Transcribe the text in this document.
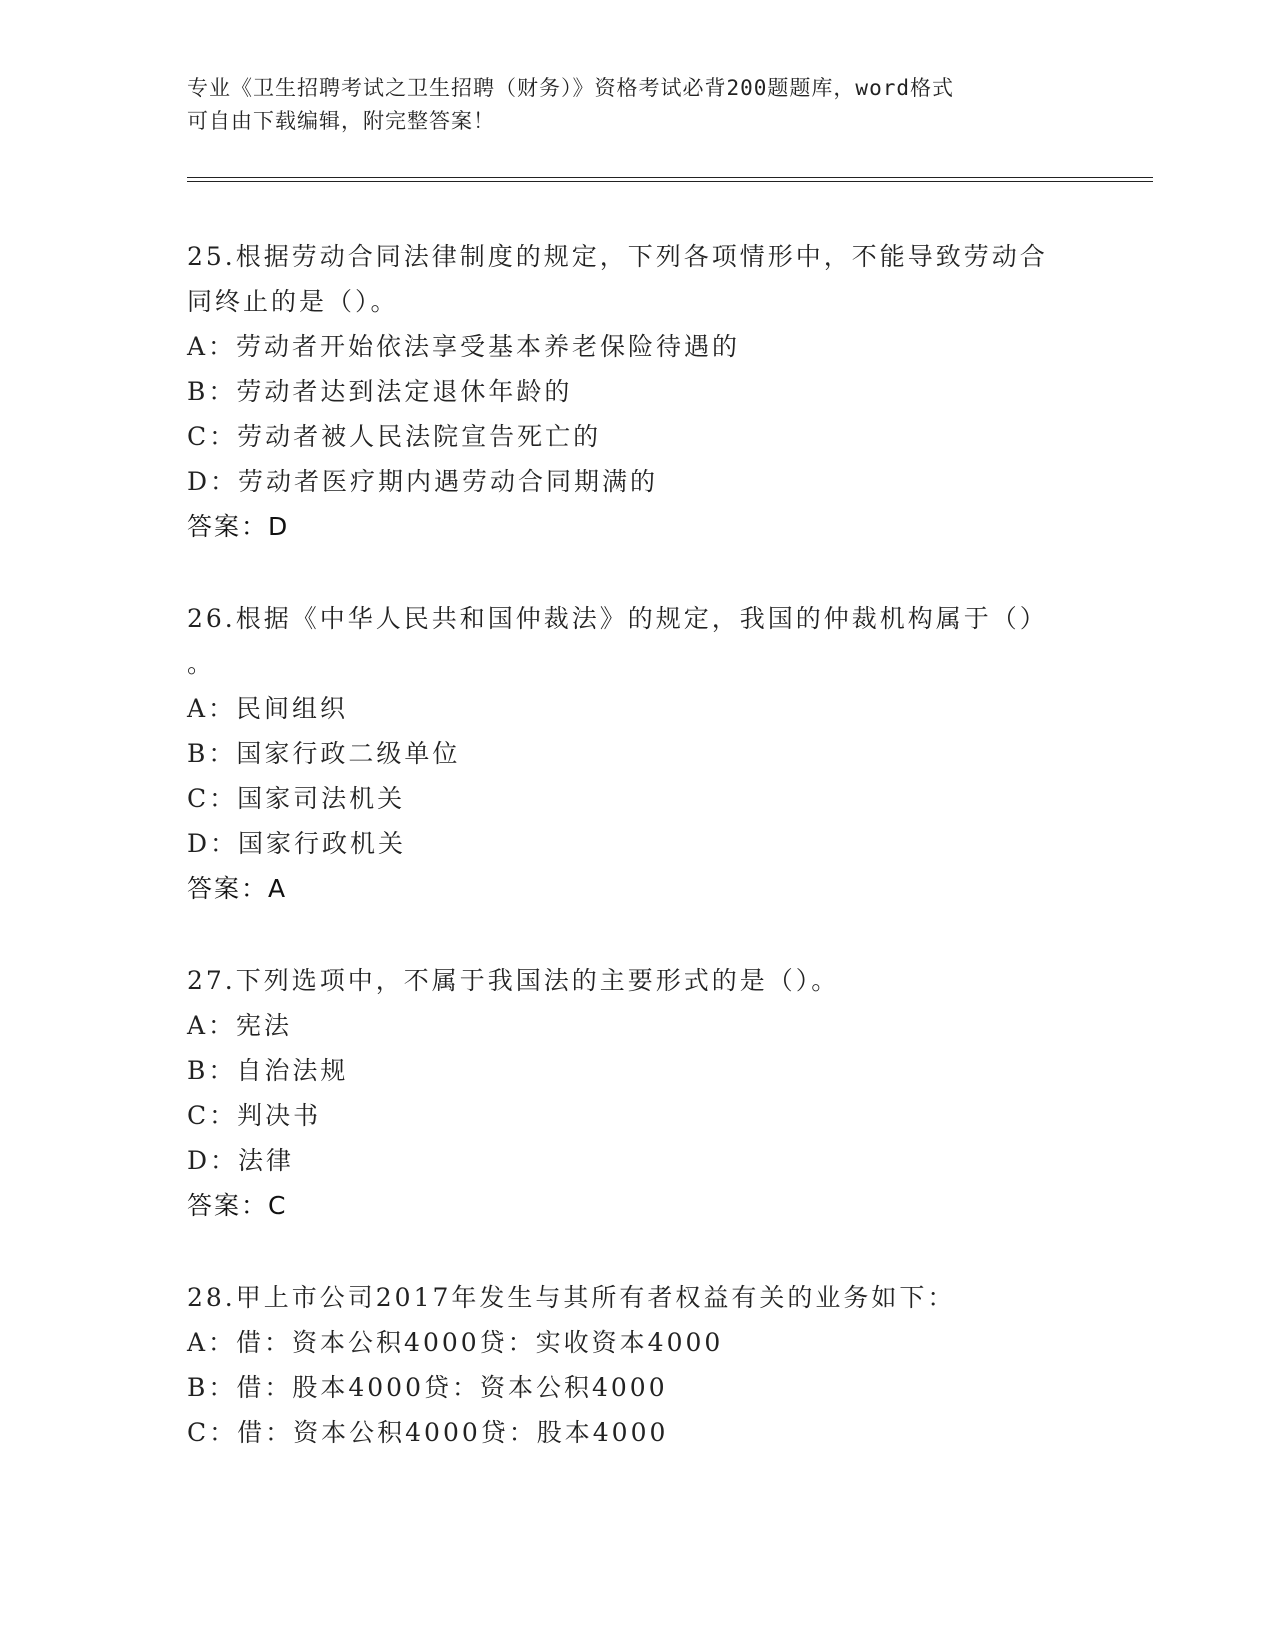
专业《卫生招聘考试之卫生招聘（财务）》资格考试必背200题题库，word格式
可自由下载编辑，附完整答案！
25.根据劳动合同法律制度的规定，下列各项情形中，不能导致劳动合
同终止的是（）。
A：劳动者开始依法享受基本养老保险待遇的
B：劳动者达到法定退休年龄的
C：劳动者被人民法院宣告死亡的
D：劳动者医疗期内遇劳动合同期满的
答案：D
26.根据《中华人民共和国仲裁法》的规定，我国的仲裁机构属于（）
。
A：民间组织
B：国家行政二级单位
C：国家司法机关
D：国家行政机关
答案：A
27.下列选项中，不属于我国法的主要形式的是（）。
A：宪法
B：自治法规
C：判决书
D：法律
答案：C
28.甲上市公司2017年发生与其所有者权益有关的业务如下：
A：借：资本公积4000贷：实收资本4000
B：借：股本4000贷：资本公积4000
C：借：资本公积4000贷：股本4000
